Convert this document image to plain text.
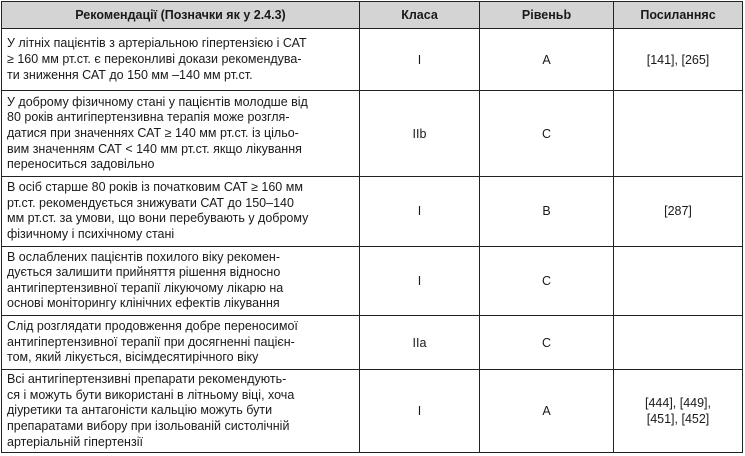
Рекомендації (Позначки як у 2.4.3)	Класа	Рівеньb	Посиланняс

У літніх пацієнтів з артеріальною гіпертензією і САТ
≥ 160 мм рт.ст. є переконливі докази рекомендува-
ти зниження САТ до 150 мм –140 мм рт.ст.	I	A	[141], [265]

У доброму фізичному стані у пацієнтів молодше від
80 років антигіпертензивна терапія може розгля-
датися при значеннях САТ ≥ 140 мм рт.ст. із цільо-
вим значенням САТ < 140 мм рт.ст. якщо лікування
переноситься задовільно	IIb	C	

В осіб старше 80 років із початковим САТ ≥ 160 мм
рт.ст. рекомендується знижувати САТ до 150–140
мм рт.ст. за умови, що вони перебувають у доброму
фізичному і психічному стані	I	B	[287]

В ослаблених пацієнтів похилого віку рекомен-
дується залишити прийняття рішення відносно
антигіпертензивної терапії лікуючому лікарю на
основі моніторингу клінічних ефектів лікування	I	C	

Слід розглядати продовження добре переносимої
антигіпертензивної терапії при досягненні пацієн-
том, який лікується, вісімдесятирічного віку	IIa	C	

Всі антигіпертензивні препарати рекомендують-
ся і можуть бути використані в літньому віці, хоча
діуретики та антагоністи кальцію можуть бути
препаратами вибору при ізольованій систолічній
артеріальній гіпертензії	I	A	[444], [449],
[451], [452]
